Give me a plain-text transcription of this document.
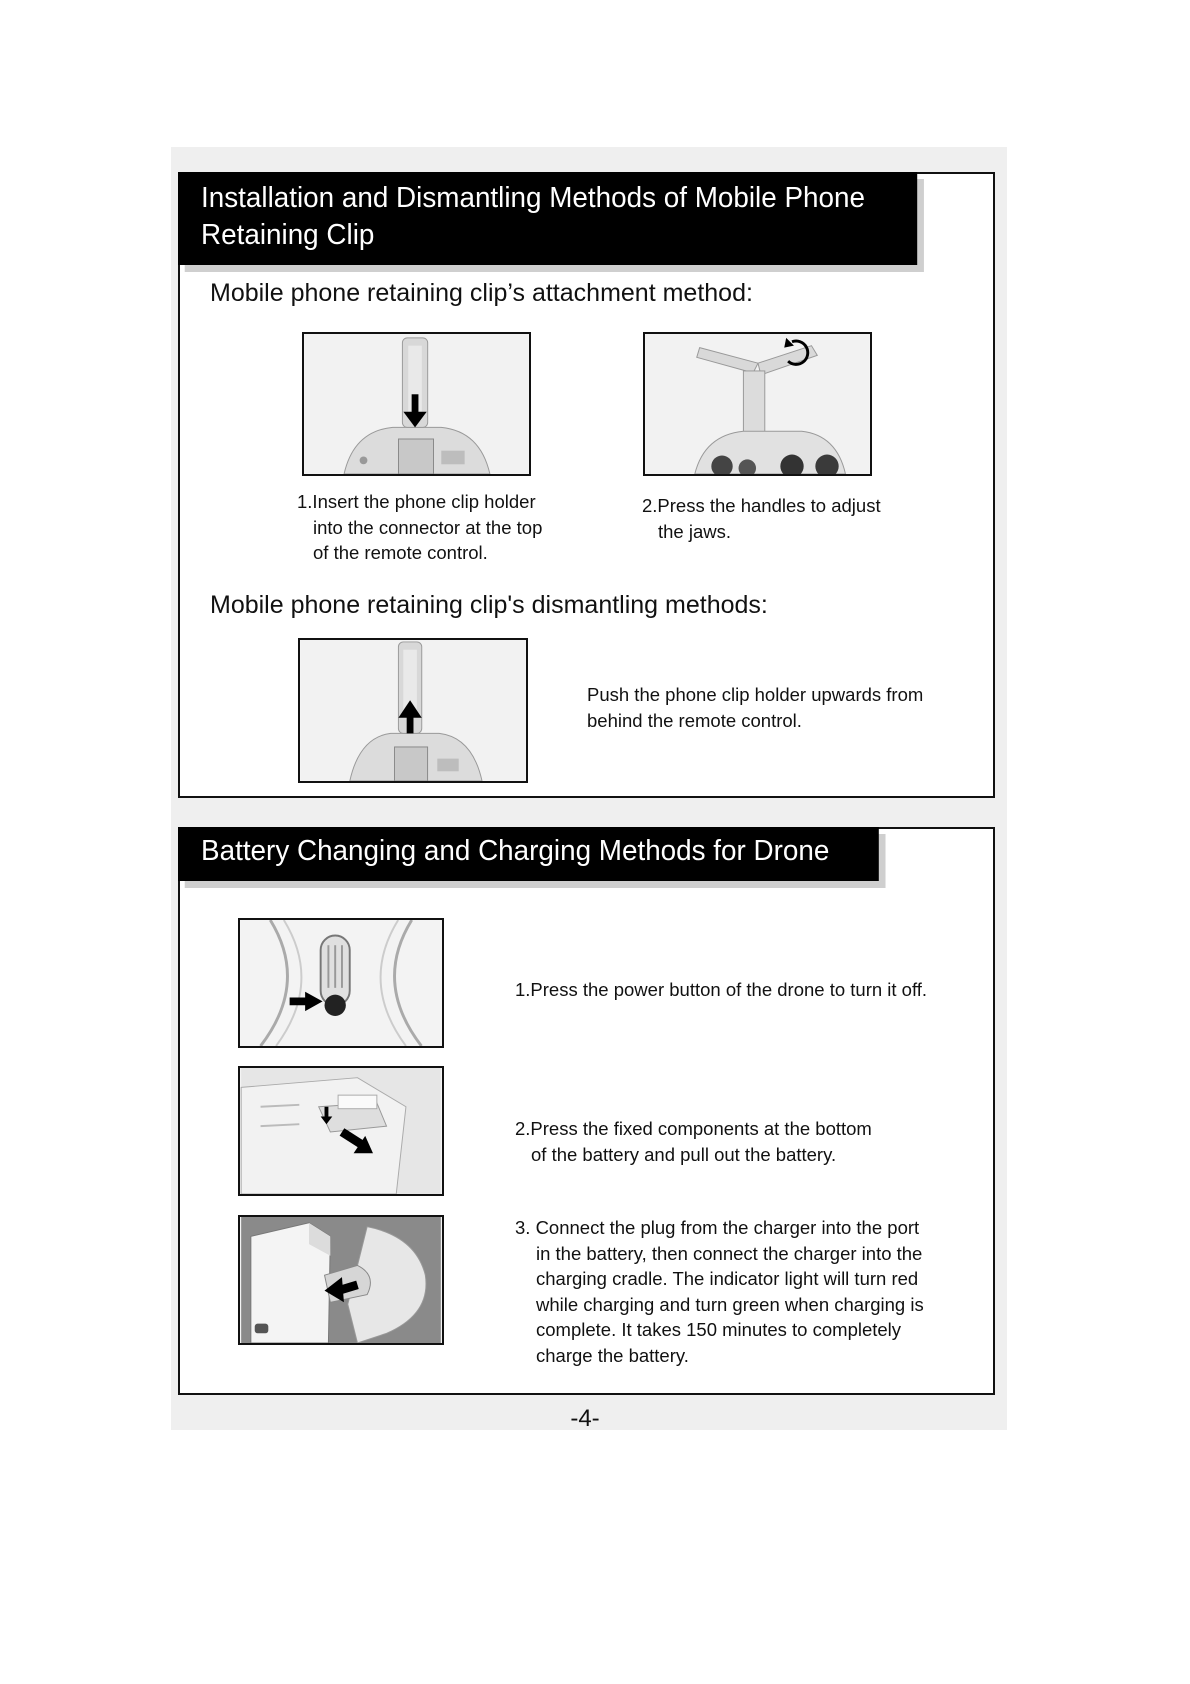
Installation and Dismantling Methods of Mobile Phone
Retaining Clip
Mobile phone retaining clip’s attachment method:
1.Insert the phone clip holder
into the connector at the top
of the remote control.
2.Press the handles to adjust
the jaws.
Mobile phone retaining clip's dismantling methods:
Push the phone clip holder upwards from
behind the remote control.
Battery Changing and Charging Methods for Drone
1.Press the power button of the drone to turn it off.
2.Press the fixed components at the bottom
of the battery and pull out the battery.
3. Connect the plug from the charger into the port
in the battery, then connect the charger into the
charging cradle. The indicator light will turn red
while charging and turn green when charging is
complete. It takes 150 minutes to completely
charge the battery.
-4-
